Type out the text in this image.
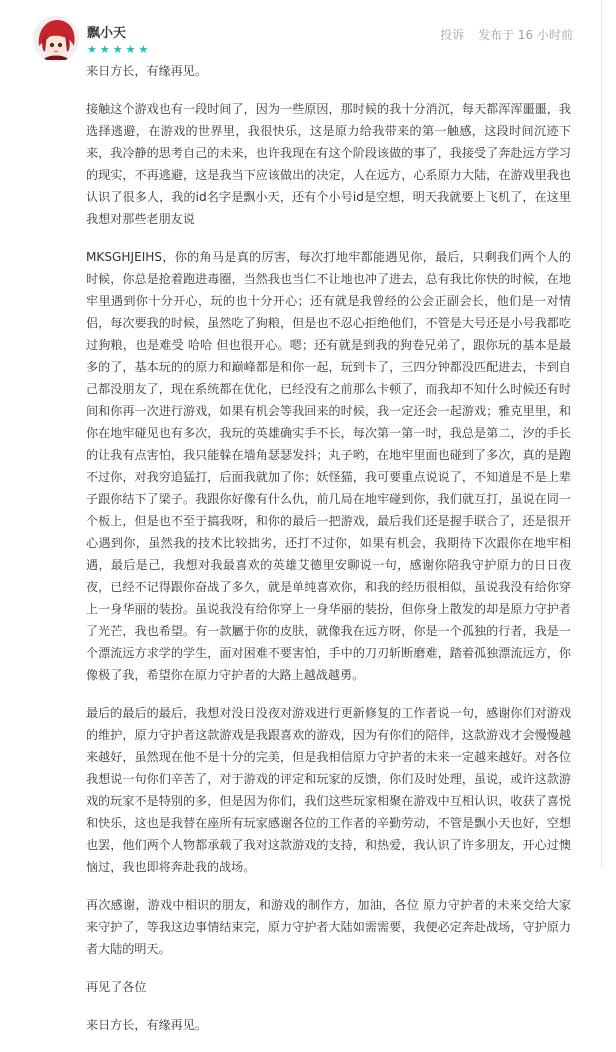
飘小天
★ ★ ★ ★ ★
投诉 发布于 16 小时前

来日方长，有缘再见。

接触这个游戏也有一段时间了，因为一些原因，那时候的我十分消沉，每天都浑浑噩噩，我选择逃避，在游戏的世界里，我很快乐，这是原力给我带来的第一触感，这段时间沉迹下来，我冷静的思考自己的未来，也许我现在有这个阶段该做的事了，我接受了奔赴远方学习的现实，不再逃避，这是我当下应该做出的决定，人在远方，心系原力大陆，在游戏里我也认识了很多人，我的id名字是飘小天，还有个小号id是空想，明天我就要上飞机了，在这里我想对那些老朋友说

MKSGHJEIHS，你的角马是真的厉害，每次打地牢都能遇见你，最后，只剩我们两个人的时候，你总是抢着跑进毒圈，当然我也当仁不让地也冲了进去，总有我比你快的时候，在地牢里遇到你十分开心，玩的也十分开心；还有就是我曾经的公会正副会长，他们是一对情侣，每次要我的时候，虽然吃了狗粮，但是也不忍心拒绝他们，不管是大号还是小号我都吃过狗粮，也是难受 哈哈 但也很开心。嗯；还有就是到我的狗卷兄弟了，跟你玩的基本是最多的了，基本玩的的原力和巅峰都是和你一起，玩到卡了，三四分钟都没匹配进去，卡到自己都没朋友了，现在系统都在优化，已经没有之前那么卡顿了，而我却不知什么时候还有时间和你再一次进行游戏，如果有机会等我回来的时候，我一定还会一起游戏；雅克里里，和你在地牢碰见也有多次，我玩的英雄确实手不长，每次第一第一时，我总是第二，汐的手长的让我有点害怕，我只能躲在墙角瑟瑟发抖；丸子哟，在地牢里面也碰到了多次，真的是跑不过你，对我穷追猛打，后面我就加了你；妖怪猫，我可要重点说说了，不知道是不是上辈子跟你结下了梁子。我跟你好像有什么仇，前几局在地牢碰到你，我们就互打，虽说在同一个板上，但是也不至于搞我呀，和你的最后一把游戏，最后我们还是握手联合了，还是很开心遇到你，虽然我的技术比较拙劣，还打不过你，如果有机会，我期待下次跟你在地牢相遇，最后是己，我想对我最喜欢的英雄艾德里安聊说一句，感谢你陪我守护原力的日日夜夜，已经不记得跟你奋战了多久，就是单纯喜欢你，和我的经历很相似，虽说我没有给你穿上一身华丽的装扮。虽说我没有给你穿上一身华丽的装扮，但你身上散发的却是原力守护者了光芒，我也希望。有一款屬于你的皮肤，就像我在远方呀，你是一个孤独的行者，我是一个漂流远方求学的学生，面对困难不要害怕，手中的刀刃斩断磨难，踏着孤独漂流远方，你像极了我，希望你在原力守护者的大路上越战越勇。

最后的最后的最后，我想对没日没夜对游戏进行更新修复的工作者说一句，感谢你们对游戏的维护，原力守护者这款游戏是我跟喜欢的游戏，因为有你们的陪伴，这款游戏才会慢慢越来越好，虽然现在他不是十分的完美，但是我相信原力守护者的未来一定越来越好。对各位我想说一句你们辛苦了，对于游戏的评定和玩家的反馈，你们及时处理，虽说，或许这款游戏的玩家不是特别的多，但是因为你们，我们这些玩家相聚在游戏中互相认识，收获了喜悦和快乐，这也是我替在座所有玩家感谢各位的工作者的辛勤劳动，不管是飘小天也好，空想也罢，他们两个人物都承载了我对这款游戏的支持，和热爱，我认识了许多朋友，开心过懊恼过，我也即将奔赴我的战场。

再次感谢，游戏中相识的朋友，和游戏的制作方，加油，各位 原力守护者的未来交给大家来守护了，等我这边事情结束完，原力守护者大陆如需需要，我便必定奔赴战场，守护原力者大陆的明天。

再见了各位

来日方长，有缘再见。
